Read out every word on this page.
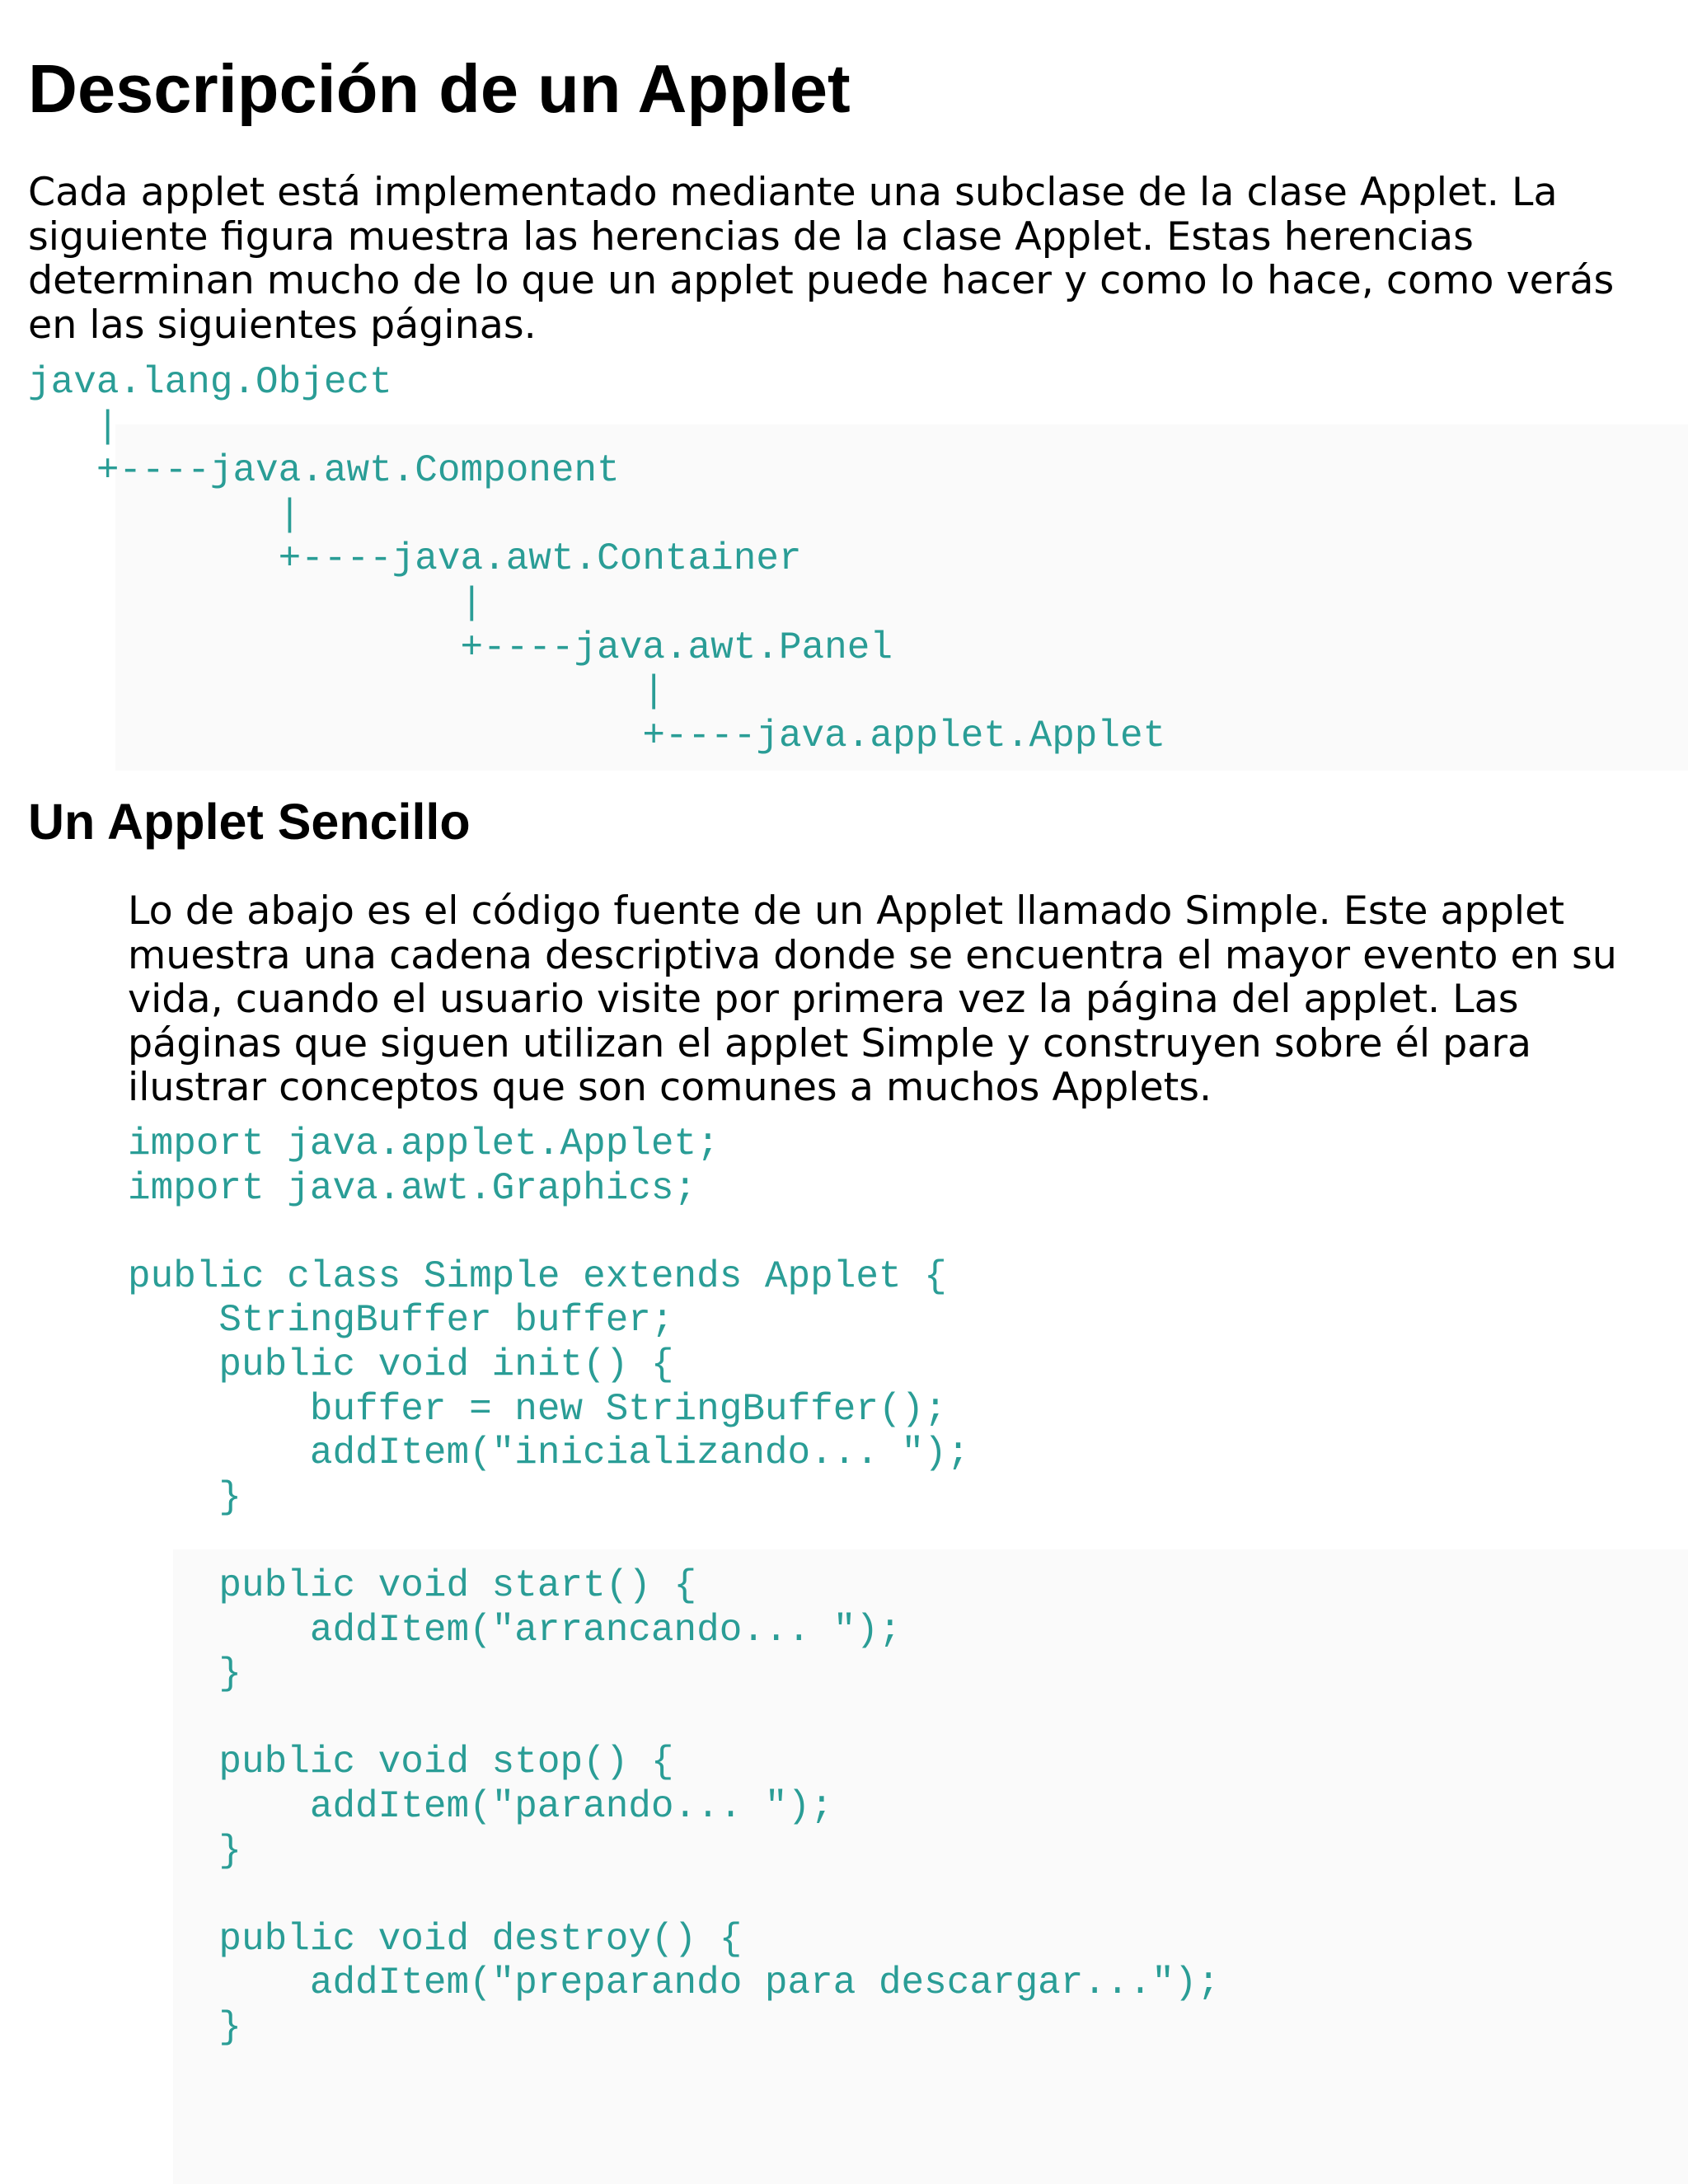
Descripción de un Applet

Cada applet está implementado mediante una subclase de la clase Applet. La siguiente figura muestra las herencias de la clase Applet. Estas herencias determinan mucho de lo que un applet puede hacer y como lo hace, como verás en las siguientes páginas.

java.lang.Object
|
+----java.awt.Component
|
+----java.awt.Container
|
+----java.awt.Panel
|
+----java.applet.Applet
Un Applet Sencillo

Lo de abajo es el código fuente de un Applet llamado Simple. Este applet muestra una cadena descriptiva donde se encuentra el mayor evento en su vida, cuando el usuario visite por primera vez la página del applet. Las páginas que siguen utilizan el applet Simple y construyen sobre él para ilustrar conceptos que son comunes a muchos Applets.

import java.applet.Applet;
import java.awt.Graphics;

public class Simple extends Applet {
StringBuffer buffer;
public void init() {
buffer = new StringBuffer();
addItem("inicializando... ");
}

public void start() {
addItem("arrancando... ");
}

public void stop() {
addItem("parando... ");
}

public void destroy() {
addItem("preparando para descargar...");
}
